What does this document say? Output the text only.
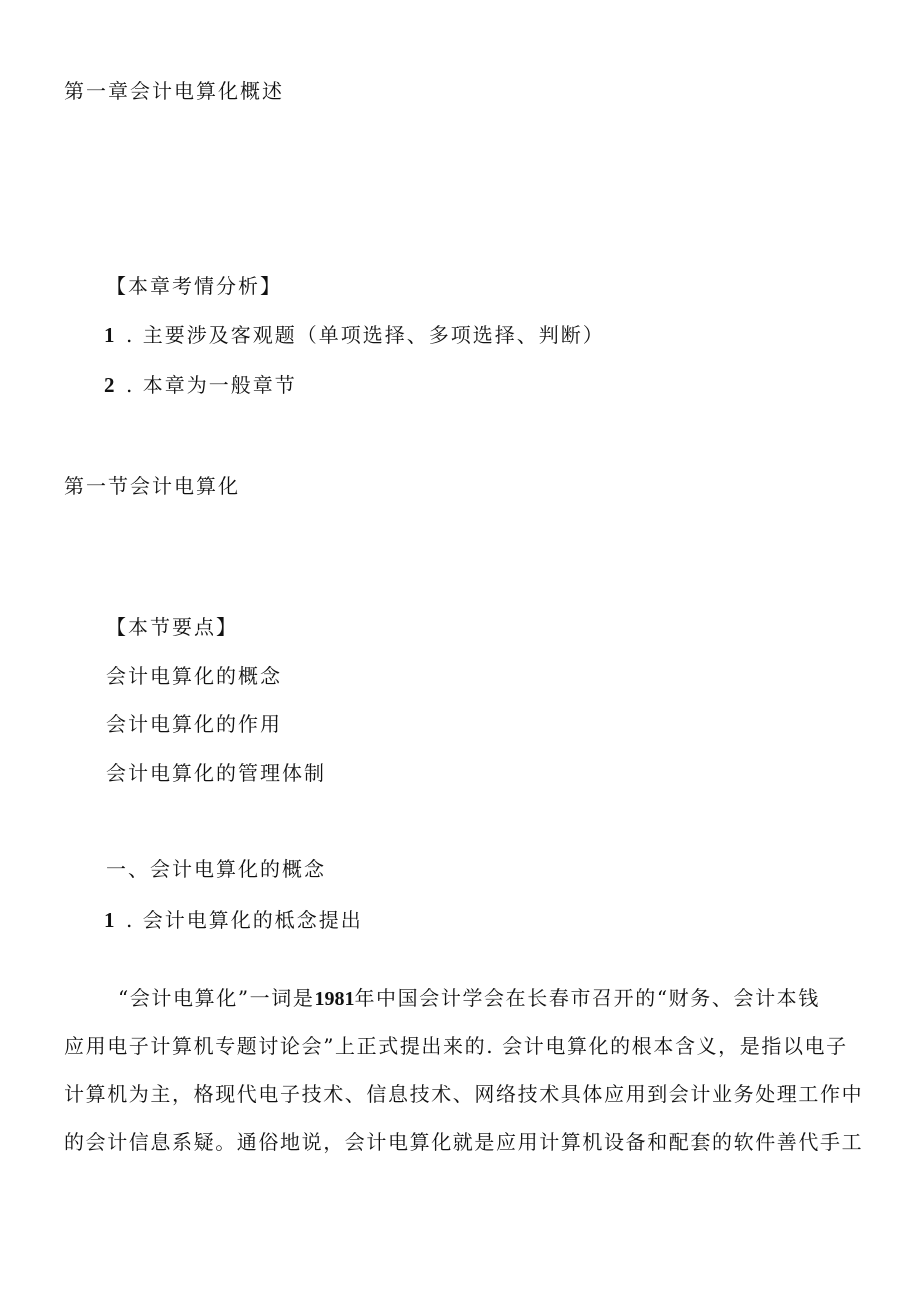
第一章会计电算化概述
【本章考情分析】
1 . 主要涉及客观题（单项选择、多项选择、判断）
2 . 本章为一般章节
第一节会计电算化
【本节要点】
会计电算化的概念
会计电算化的作用
会计电算化的管理体制
一、会计电算化的概念
1 . 会计电算化的柢念提出
“会计电算化”一词是1981年中国会计学会在长春市召开的“财务、会计本钱
应用电子计算机专题讨论会”上正式提出来的. 会计电算化的根本含义，是指以电子
计算机为主，格现代电子技术、信息技术、网络技术具体应用到会计业务处理工作中
的会计信息系疑。通俗地说，会计电算化就是应用计算机设备和配套的软件善代手工
